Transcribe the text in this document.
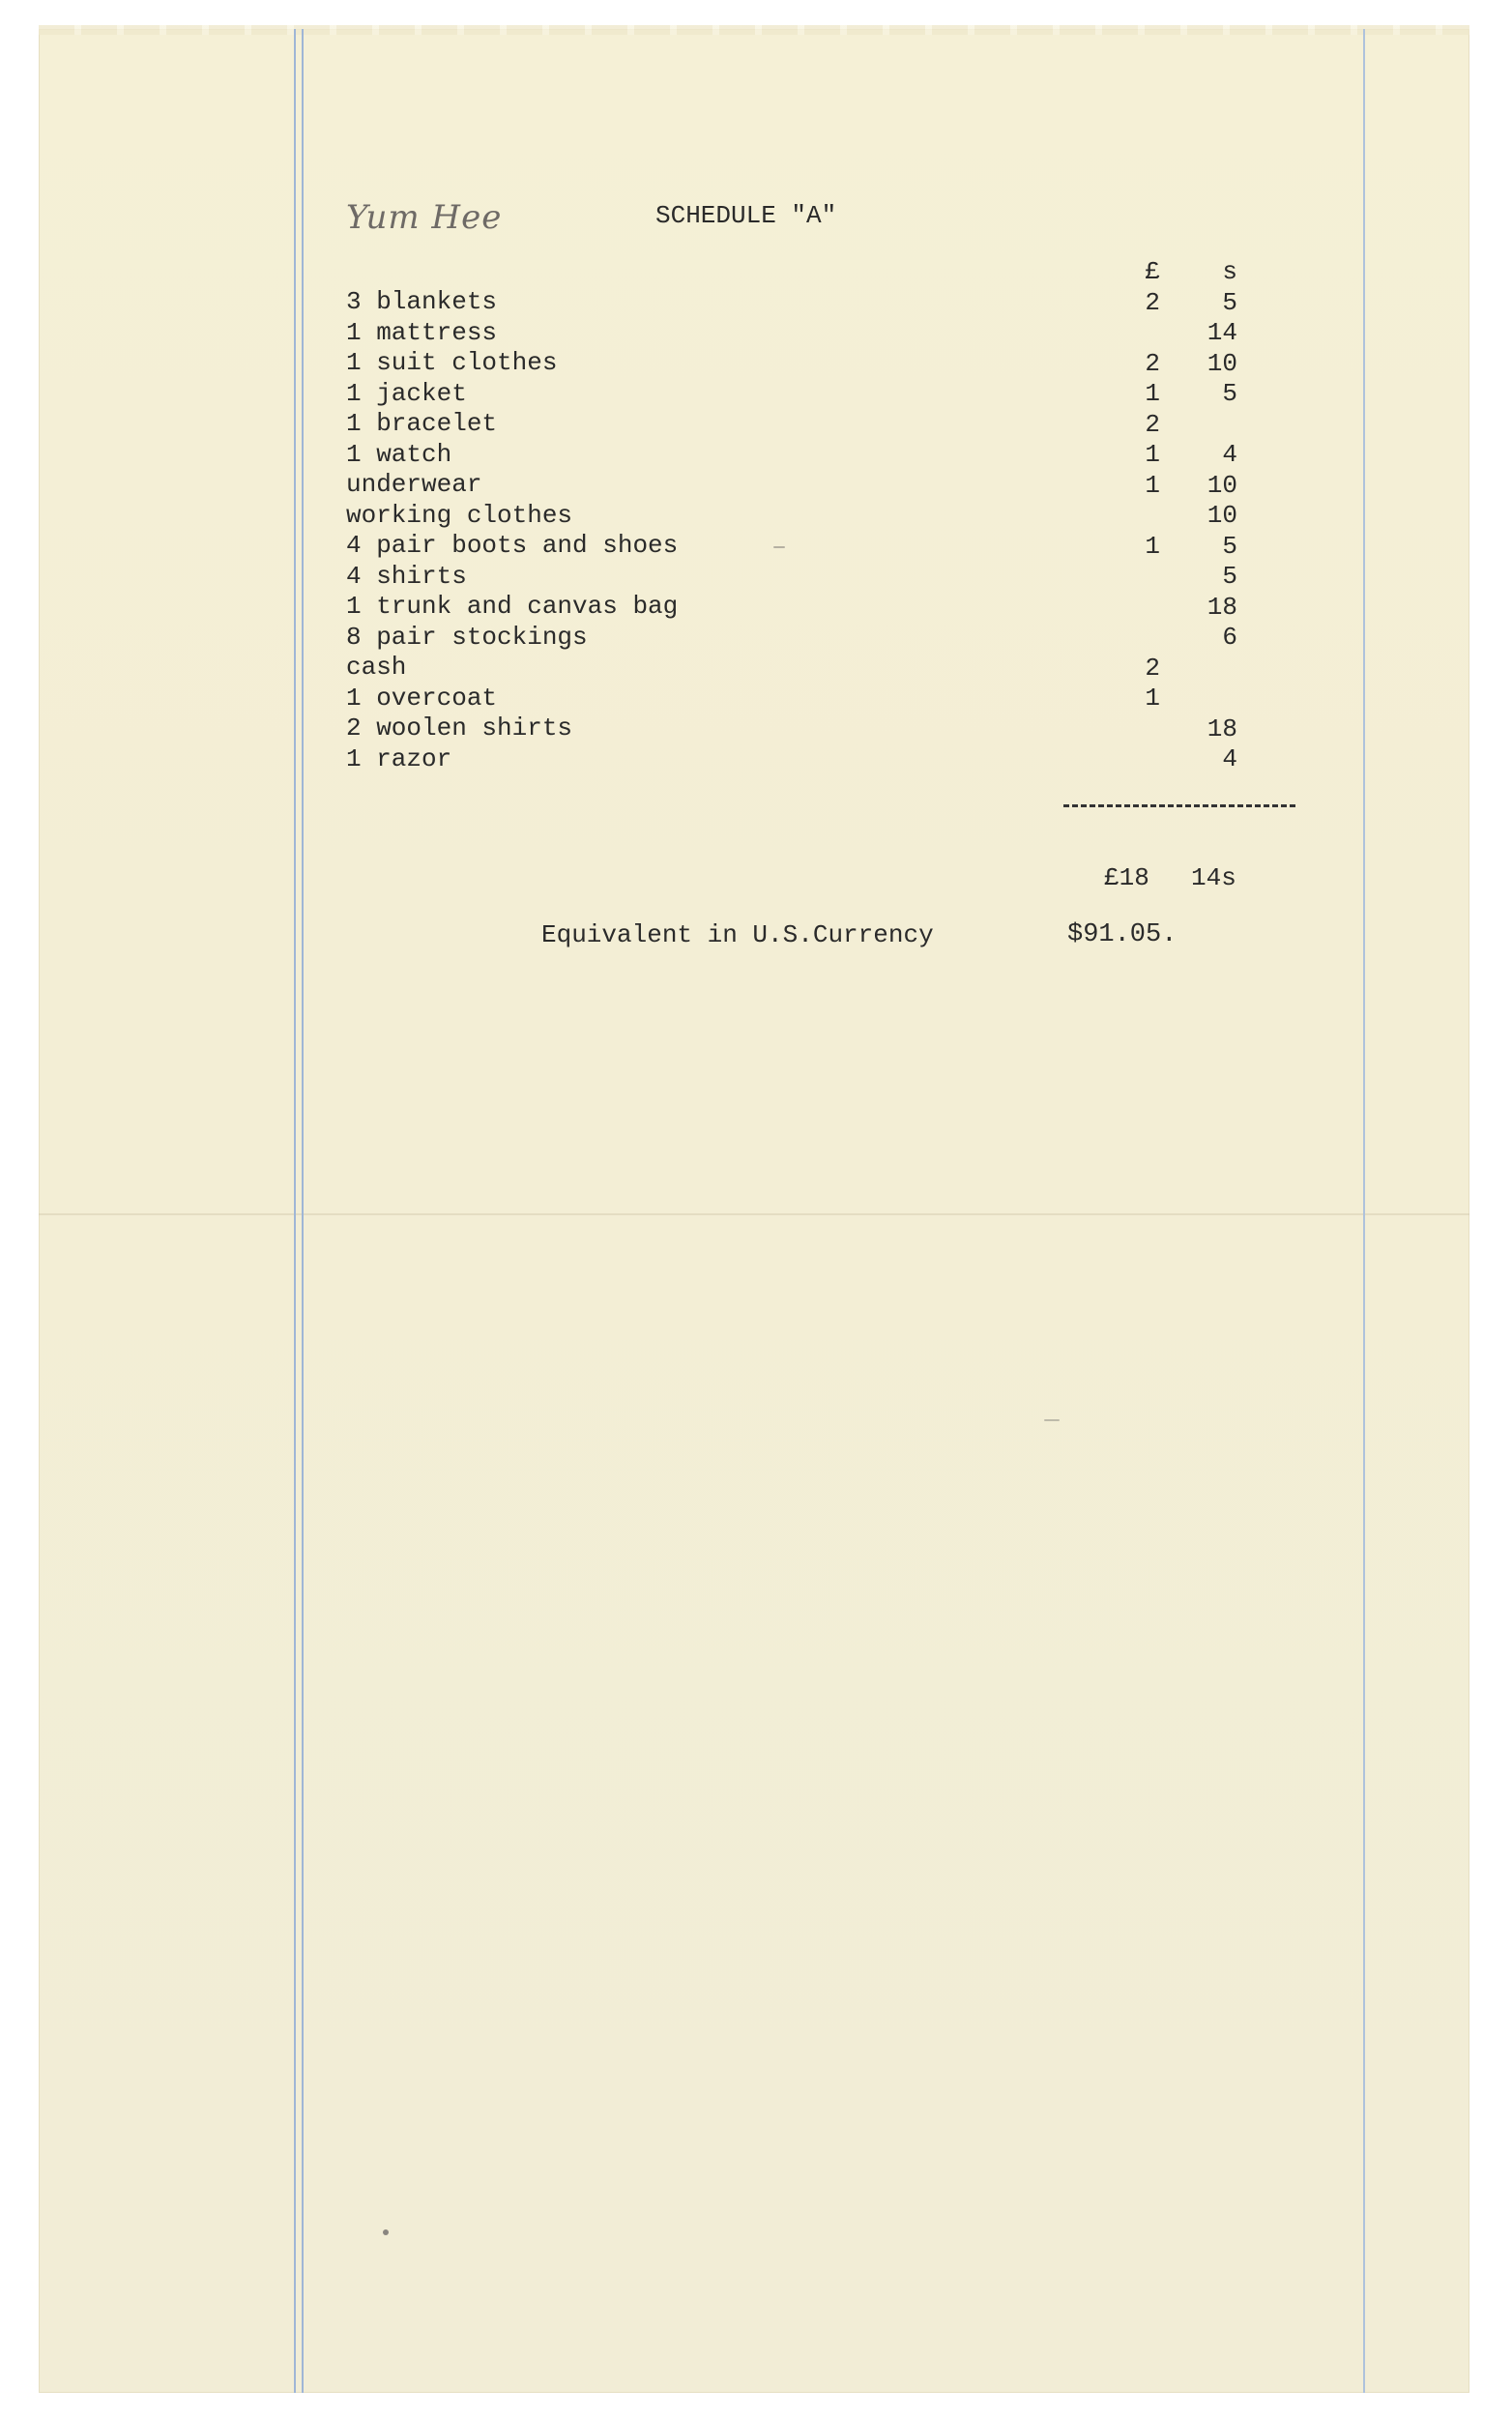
Yum Hee	SCHEDULE "A"
3 blankets
1 mattress
1 suit clothes
1 jacket
1 bracelet
1 watch
underwear
working clothes
4 pair boots and shoes
4 shirts
1 trunk and canvas bag
8 pair stockings
cash
1 overcoat
2 woolen shirts
1 razor
£
2
2
1
2
1
1
1
2
1
s
5
14
10
5
4
10
10
5
5
18
6
18
4
£18 14s
Equivalent in U.S.Currency	$91.05.
